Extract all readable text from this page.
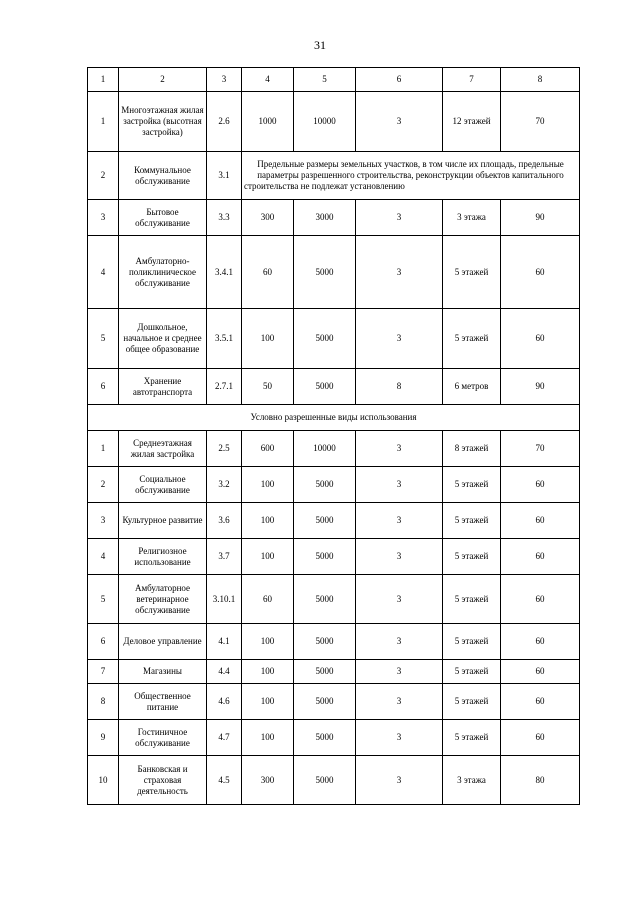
31
1	2	3	4	5	6	7	8
1	Многоэтажная жилая застройка (высотная застройка)	2.6	1000	10000	3	12 этажей	70
2	Коммунальное обслуживание	3.1	Предельные размеры земельных участков, в том числе их площадь, предельные параметры разрешенного строительства, реконструкции объектов капитального строительства не подлежат установлению				
3	Бытовое обслуживание	3.3	300	3000	3	3 этажа	90
4	Амбулаторно-поликлиническое обслуживание	3.4.1	60	5000	3	5 этажей	60
5	Дошкольное, начальное и среднее общее образование	3.5.1	100	5000	3	5 этажей	60
6	Хранение автотранспорта	2.7.1	50	5000	8	6 метров	90
Условно разрешенные виды использования							
1	Среднеэтажная жилая застройка	2.5	600	10000	3	8 этажей	70
2	Социальное обслуживание	3.2	100	5000	3	5 этажей	60
3	Культурное развитие	3.6	100	5000	3	5 этажей	60
4	Религиозное использование	3.7	100	5000	3	5 этажей	60
5	Амбулаторное ветеринарное обслуживание	3.10.1	60	5000	3	5 этажей	60
6	Деловое управление	4.1	100	5000	3	5 этажей	60
7	Магазины	4.4	100	5000	3	5 этажей	60
8	Общественное питание	4.6	100	5000	3	5 этажей	60
9	Гостиничное обслуживание	4.7	100	5000	3	5 этажей	60
10	Банковская и страховая деятельность	4.5	300	5000	3	3 этажа	80
